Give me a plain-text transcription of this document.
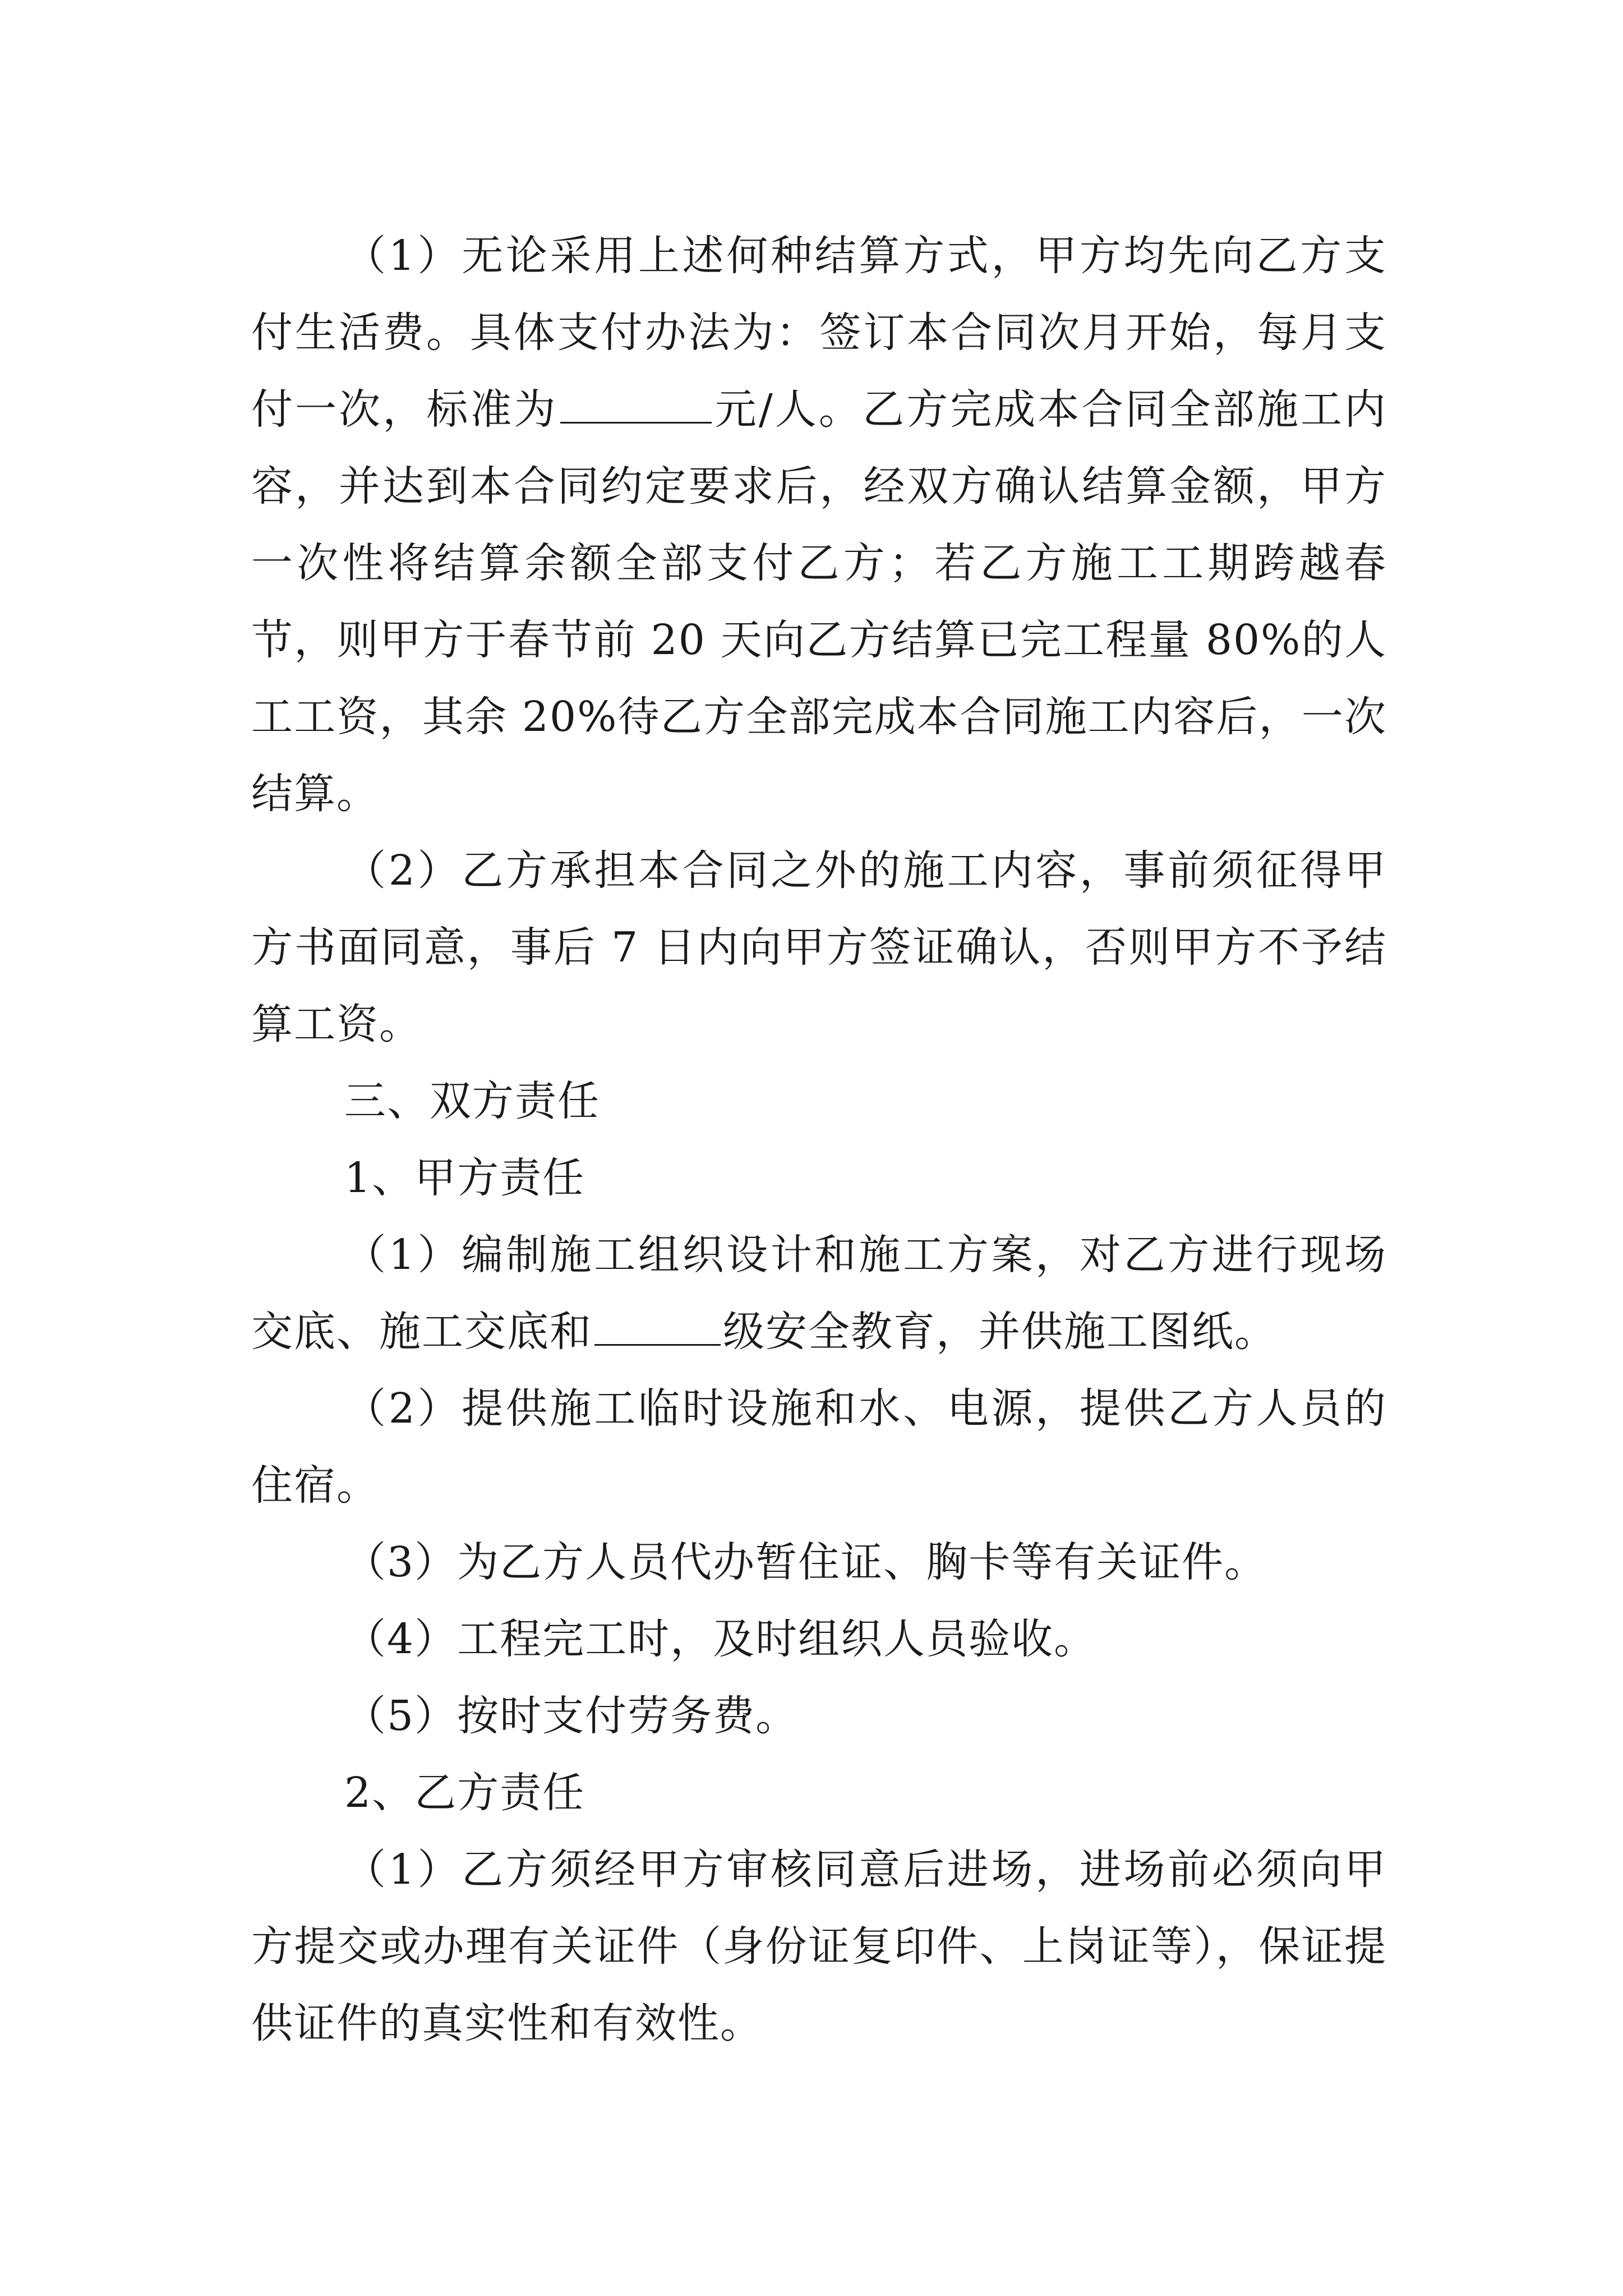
（1）无论采用上述何种结算方式，甲方均先向乙方支付生活费。具体支付办法为：签订本合同次月开始，每月支付一次，标准为	元/人。乙方完成本合同全部施工内容，并达到本合同约定要求后，经双方确认结算金额，甲方一次性将结算余额全部支付乙方；若乙方施工工期跨越春节，则甲方于春节前 20 天向乙方结算已完工程量 80%的人工工资，其余 20%待乙方全部完成本合同施工内容后，一次结算。

（2）乙方承担本合同之外的施工内容，事前须征得甲方书面同意，事后 7 日内向甲方签证确认，否则甲方不予结算工资。

三、双方责任

1、甲方责任

（1）编制施工组织设计和施工方案，对乙方进行现场交底、施工交底和	级安全教育，并供施工图纸。

（2）提供施工临时设施和水、电源，提供乙方人员的住宿。

（3）为乙方人员代办暂住证、胸卡等有关证件。

（4）工程完工时，及时组织人员验收。

（5）按时支付劳务费。

2、乙方责任

（1）乙方须经甲方审核同意后进场，进场前必须向甲方提交或办理有关证件（身份证复印件、上岗证等），保证提供证件的真实性和有效性。
